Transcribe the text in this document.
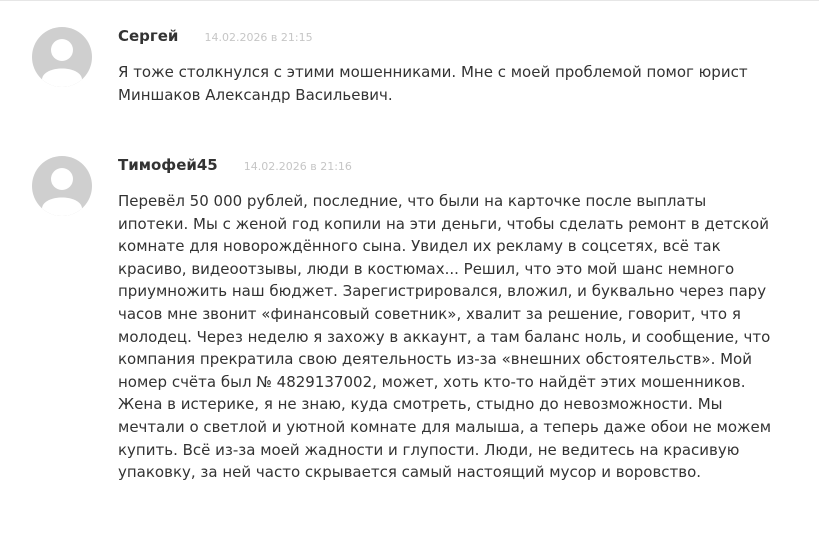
Сергей 14.02.2026 в 21:15
Я тоже столкнулся с этими мошенниками. Мне с моей проблемой помог юрист
Миншаков Александр Васильевич.
Тимофей45 14.02.2026 в 21:16
Перевёл 50 000 рублей, последние, что были на карточке после выплаты
ипотеки. Мы с женой год копили на эти деньги, чтобы сделать ремонт в детской
комнате для новорождённого сына. Увидел их рекламу в соцсетях, всё так
красиво, видеоотзывы, люди в костюмах... Решил, что это мой шанс немного
приумножить наш бюджет. Зарегистрировался, вложил, и буквально через пару
часов мне звонит «финансовый советник», хвалит за решение, говорит, что я
молодец. Через неделю я захожу в аккаунт, а там баланс ноль, и сообщение, что
компания прекратила свою деятельность из-за «внешних обстоятельств». Мой
номер счёта был № 4829137002, может, хоть кто-то найдёт этих мошенников.
Жена в истерике, я не знаю, куда смотреть, стыдно до невозможности. Мы
мечтали о светлой и уютной комнате для малыша, а теперь даже обои не можем
купить. Всё из-за моей жадности и глупости. Люди, не ведитесь на красивую
упаковку, за ней часто скрывается самый настоящий мусор и воровство.
